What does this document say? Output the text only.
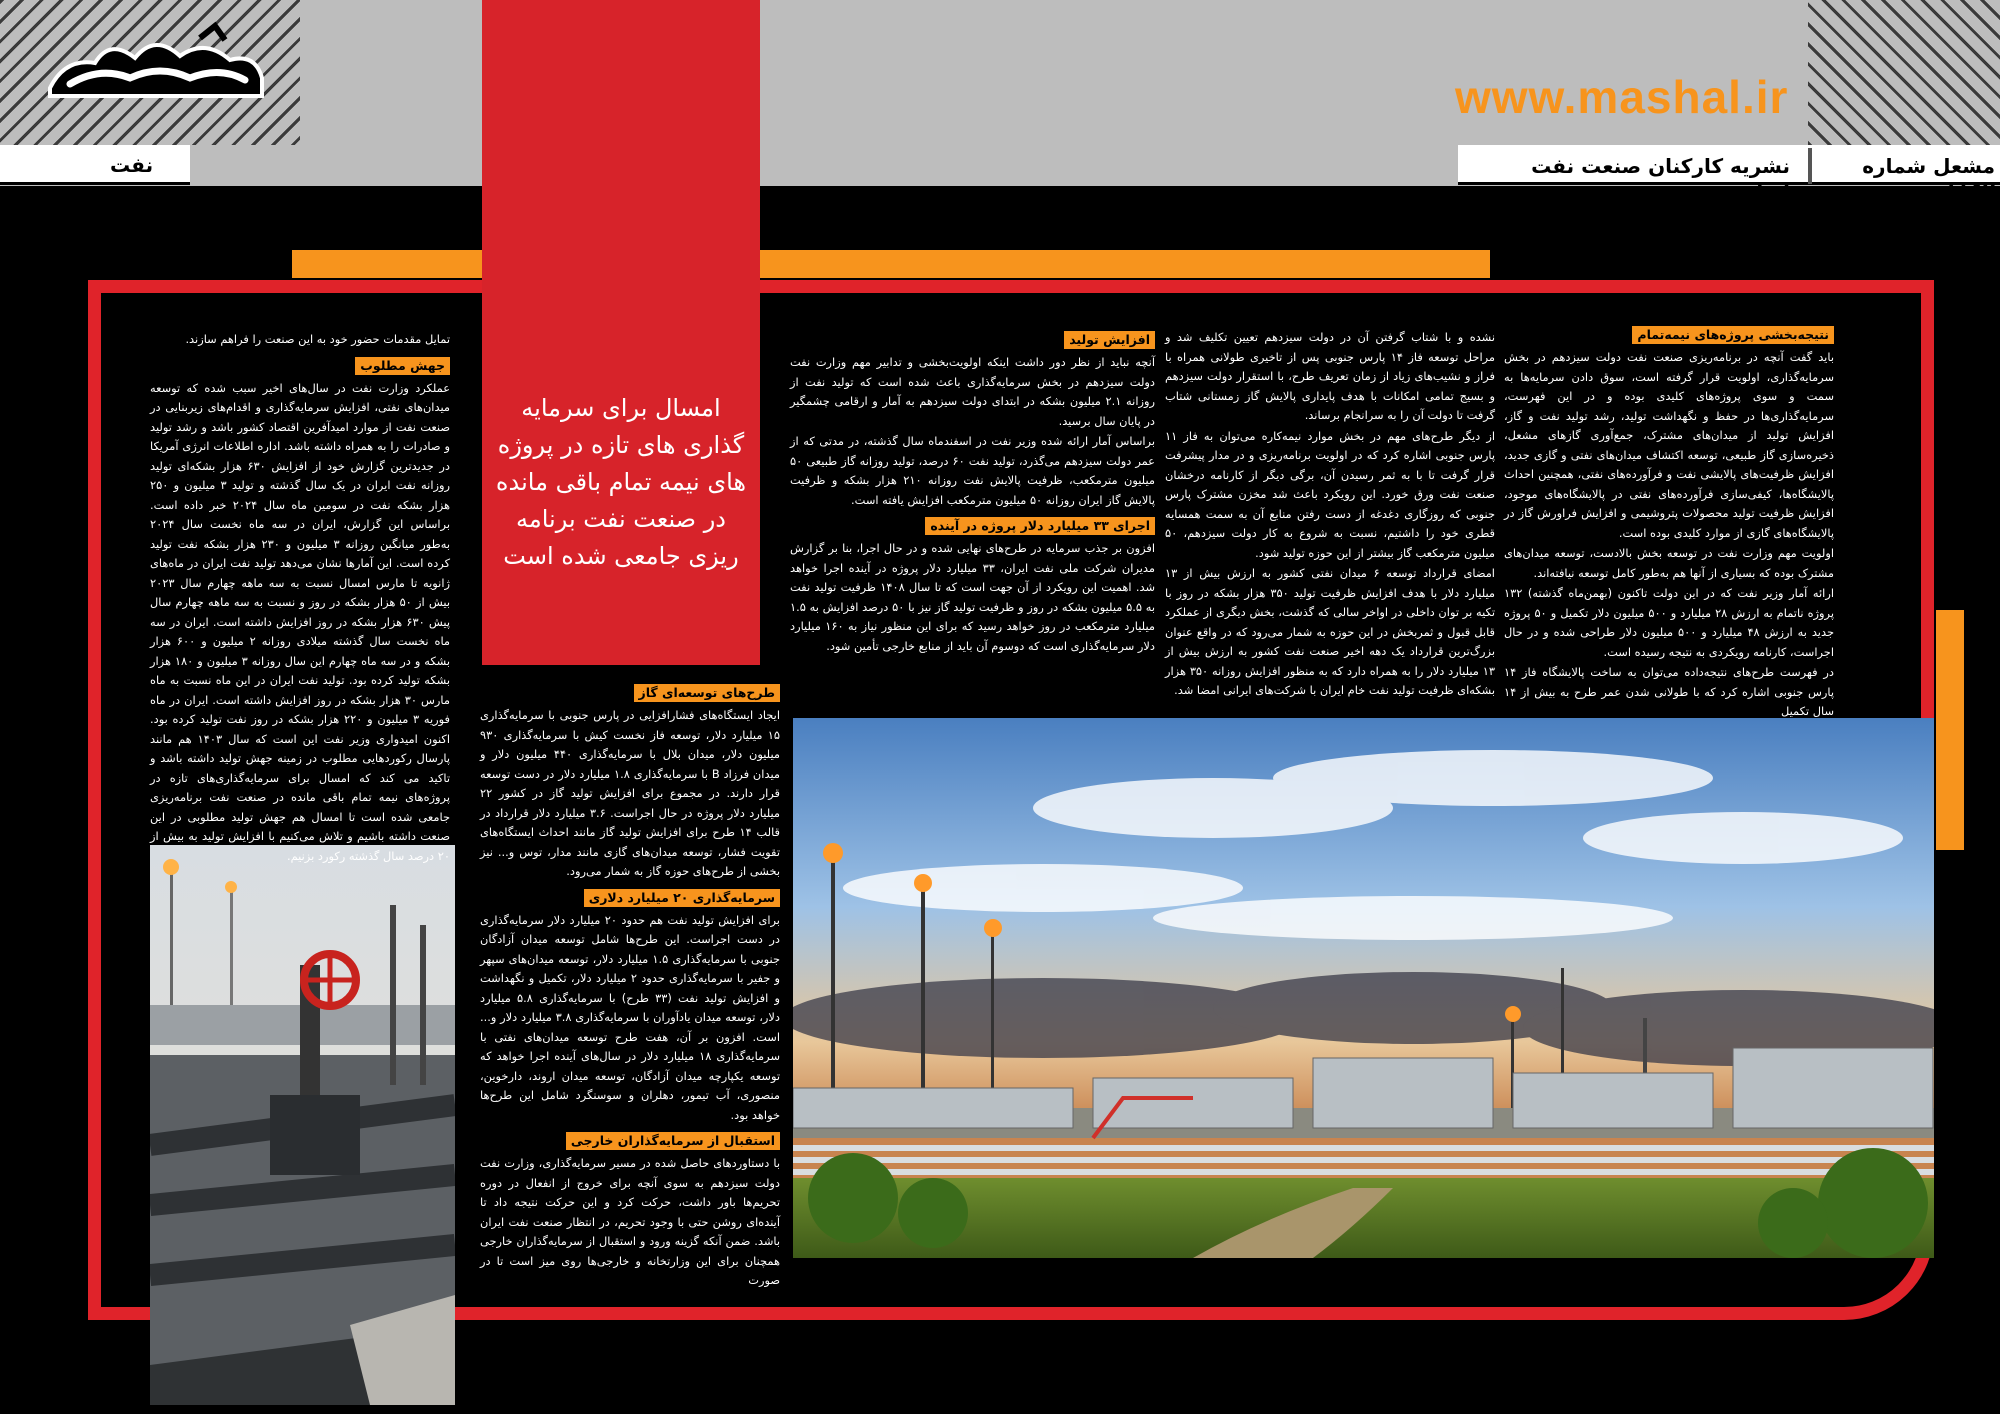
www.mashal.ir
نفت	نشریه کارکنان صنعت نفت ایران
مشعل شماره ۱۱۵۲
امسال برای سرمایه گذاری های تازه در پروژه های نیمه تمام باقی مانده در صنعت نفت برنامه ریزی جامعی شده است
نتیجه‌بخشی پروژه‌های نیمه‌تمام

باید گفت آنچه در برنامه‌ریزی صنعت نفت دولت سیزدهم در بخش سرمایه‌گذاری، اولویت قرار گرفته است، سوق دادن سرمایه‌ها به سمت و سوی پروژه‌های کلیدی بوده و در این فهرست، سرمایه‌گذاری‌ها در حفظ و نگهداشت تولید، رشد تولید نفت و گاز، افزایش تولید از میدان‌های مشترک، جمع‌آوری گازهای مشعل، ذخیره‌سازی گاز طبیعی، توسعه اکتشاف میدان‌های نفتی و گازی جدید، افزایش ظرفیت‌های پالایشی نفت و فرآورده‌های نفتی، همچنین احداث پالایشگاه‌ها، کیفی‌سازی فرآورده‌های نفتی در پالایشگاه‌های موجود، افزایش ظرفیت تولید محصولات پتروشیمی و افزایش فراورش گاز در پالایشگاه‌های گازی از موارد کلیدی بوده است.

اولویت مهم وزارت نفت در توسعه بخش بالادست، توسعه میدان‌های مشترک بوده که بسیاری از آنها هم به‌طور کامل توسعه نیافته‌اند.

ارائه آمار وزیر نفت که در این دولت تاکنون (بهمن‌ماه گذشته) ۱۳۲ پروژه ناتمام به ارزش ۲۸ میلیارد و ۵۰۰ میلیون دلار تکمیل و ۵۰ پروژه جدید به ارزش ۴۸ میلیارد و ۵۰۰ میلیون دلار طراحی شده و در حال اجراست، کارنامه رویکردی به نتیجه رسیده است.

در فهرست طرح‌های نتیجه‌داده می‌توان به ساخت پالایشگاه فاز ۱۴ پارس جنوبی اشاره کرد که با طولانی شدن عمر طرح به بیش از ۱۴ سال تکمیل

نشده و با شتاب گرفتن آن در دولت سیزدهم تعیین تکلیف شد و مراحل توسعه فاز ۱۴ پارس جنوبی پس از تاخیری طولانی همراه با فراز و نشیب‌های زیاد از زمان تعریف طرح، با استقرار دولت سیزدهم و بسیج تمامی امکانات با هدف پایداری پالایش گاز زمستانی شتاب گرفت تا دولت آن را به سرانجام برساند.

از دیگر طرح‌های مهم در بخش موارد نیمه‌کاره می‌توان به فاز ۱۱ پارس جنوبی اشاره کرد که در اولویت برنامه‌ریزی و در مدار پیشرفت قرار گرفت تا با به ثمر رسیدن آن، برگی دیگر از کارنامه درخشان صنعت نفت ورق خورد. این رویکرد باعث شد مخزن مشترک پارس جنوبی که روزگاری دغدغه از دست رفتن منابع آن به سمت همسایه قطری خود را داشتیم، نسبت به شروع به کار دولت سیزدهم، ۵۰ میلیون مترمکعب گاز بیشتر از این حوزه تولید شود.

امضای قرارداد توسعه ۶ میدان نفتی کشور به ارزش بیش از ۱۳ میلیارد دلار با هدف افزایش ظرفیت تولید ۳۵۰ هزار بشکه در روز با تکیه بر توان داخلی در اواخر سالی که گذشت، بخش دیگری از عملکرد قابل قبول و ثمربخش در این حوزه به شمار می‌رود که در واقع عنوان بزرگ‌ترین قرارداد یک دهه اخیر صنعت نفت کشور به ارزش بیش از ۱۳ میلیارد دلار را به همراه دارد که به منظور افزایش روزانه ۳۵۰ هزار بشکه‌ای ظرفیت تولید نفت خام ایران با شرکت‌های ایرانی امضا شد.

افزایش تولید

آنچه نباید از نظر دور داشت اینکه اولویت‌بخشی و تدابیر مهم وزارت نفت دولت سیزدهم در بخش سرمایه‌گذاری باعث شده است که تولید نفت از روزانه ۲.۱ میلیون بشکه در ابتدای دولت سیزدهم به آمار و ارقامی چشمگیر در پایان سال برسید.

براساس آمار ارائه شده وزیر نفت در اسفندماه سال گذشته، در مدتی که از عمر دولت سیزدهم می‌گذرد، تولید نفت ۶۰ درصد، تولید روزانه گاز طبیعی ۵۰ میلیون مترمکعب، ظرفیت پالایش نفت روزانه ۲۱۰ هزار بشکه و ظرفیت پالایش گاز ایران روزانه ۵۰ میلیون مترمکعب افزایش یافته است.

اجرای ۳۳ میلیارد دلار پروژه در آینده

افزون بر جذب سرمایه در طرح‌های نهایی شده و در حال اجرا، بنا بر گزارش مدیران شرکت ملی نفت ایران، ۳۳ میلیارد دلار پروژه در آینده اجرا خواهد شد. اهمیت این رویکرد از آن جهت است که تا سال ۱۴۰۸ ظرفیت تولید نفت به ۵.۵ میلیون بشکه در روز و ظرفیت تولید گاز نیز با ۵۰ درصد افزایش به ۱.۵ میلیارد مترمکعب در روز خواهد رسید که برای این منظور نیاز به ۱۶۰ میلیارد دلار سرمایه‌گذاری است که دوسوم آن باید از منابع خارجی تأمین شود.

طرح‌های توسعه‌ای گاز

ایجاد ایستگاه‌های فشارافزایی در پارس جنوبی با سرمایه‌گذاری ۱۵ میلیارد دلار، توسعه فاز نخست کیش با سرمایه‌گذاری ۹۳۰ میلیون دلار، میدان بلال با سرمایه‌گذاری ۴۴۰ میلیون دلار و میدان فرزاد B با سرمایه‌گذاری ۱.۸ میلیارد دلار در دست توسعه قرار دارند. در مجموع برای افزایش تولید گاز در کشور ۲۲ میلیارد دلار پروژه در حال اجراست. ۳.۶ میلیارد دلار قرارداد در قالب ۱۴ طرح برای افزایش تولید گاز مانند احداث ایستگاه‌های تقویت فشار، توسعه میدان‌های گازی مانند مدار، توس و... نیز بخشی از طرح‌های حوزه گاز به شمار می‌رود.

سرمایه‌گذاری ۲۰ میلیارد دلاری

برای افزایش تولید نفت هم حدود ۲۰ میلیارد دلار سرمایه‌گذاری در دست اجراست. این طرح‌ها شامل توسعه میدان آزادگان جنوبی با سرمایه‌گذاری ۱.۵ میلیارد دلار، توسعه میدان‌های سپهر و جفیر با سرمایه‌گذاری حدود ۲ میلیارد دلار، تکمیل و نگهداشت و افزایش تولید نفت (۳۳ طرح) با سرمایه‌گذاری ۵.۸ میلیارد دلار، توسعه میدان یادآوران با سرمایه‌گذاری ۳.۸ میلیارد دلار و... است. افزون بر آن، هفت طرح توسعه میدان‌های نفتی با سرمایه‌گذاری ۱۸ میلیارد دلار در سال‌های آینده اجرا خواهد که توسعه یکپارچه میدان آزادگان، توسعه میدان اروند، دارخوین، منصوری، آب تیمور، دهلران و سوسنگرد شامل این طرح‌ها خواهد بود.

استقبال از سرمایه‌گذاران خارجی

با دستاوردهای حاصل شده در مسیر سرمایه‌گذاری، وزارت نفت دولت سیزدهم به سوی آنچه برای خروج از انفعال در دوره تحریم‌ها باور داشت، حرکت کرد و این حرکت نتیجه داد تا آینده‌ای روشن حتی با وجود تحریم، در انتظار صنعت نفت ایران باشد. ضمن آنکه گزینه ورود و استقبال از سرمایه‌گذاران خارجی همچنان برای این وزارتخانه و خارجی‌ها روی میز است تا در صورت

تمایل مقدمات حضور خود به این صنعت را فراهم سازند.

جهش مطلوب

عملکرد وزارت نفت در سال‌های اخیر سبب شده که توسعه میدان‌های نفتی، افزایش سرمایه‌گذاری و اقدام‌های زیربنایی در صنعت نفت از موارد امید‌آفرین اقتصاد کشور باشد و رشد تولید و صادرات را به همراه داشته باشد. اداره اطلاعات انرژی آمریکا در جدیدترین گزارش خود از افزایش ۶۳۰ هزار بشکه‌ای تولید روزانه نفت ایران در یک سال گذشته و تولید ۳ میلیون و ۲۵۰ هزار بشکه نفت در سومین ماه سال ۲۰۲۴ خبر داده است. براساس این گزارش، ایران در سه ماه نخست سال ۲۰۲۴ به‌طور میانگین روزانه ۳ میلیون و ۲۳۰ هزار بشکه نفت تولید کرده است. این آمارها نشان می‌دهد تولید نفت ایران در ماه‌های ژانویه تا مارس امسال نسبت به سه ماهه چهارم سال ۲۰۲۳ بیش از ۵۰ هزار بشکه در روز و نسبت به سه ماهه چهارم سال پیش ۶۳۰ هزار بشکه در روز افزایش داشته است. ایران در سه ماه نخست سال گذشته میلادی روزانه ۲ میلیون و ۶۰۰ هزار بشکه و در سه ماه چهارم این سال روزانه ۳ میلیون و ۱۸۰ هزار بشکه تولید کرده بود. تولید نفت ایران در این ماه نسبت به ماه مارس ۳۰ هزار بشکه در روز افزایش داشته است. ایران در ماه فوریه ۳ میلیون و ۲۲۰ هزار بشکه در روز نفت تولید کرده بود. اکنون امیدواری وزیر نفت این است که سال ۱۴۰۳ هم مانند پارسال رکوردهایی مطلوب در زمینه جهش تولید داشته باشد و تاکید می کند که امسال برای سرمایه‌گذاری‌های تازه در پروژه‌های نیمه تمام باقی مانده در صنعت نفت برنامه‌ریزی جامعی شده است تا امسال هم جهش تولید مطلوبی در این صنعت داشته باشیم و تلاش می‌کنیم با افزایش تولید به بیش از ۲۰ درصد سال گذشته رکورد بزنیم.
